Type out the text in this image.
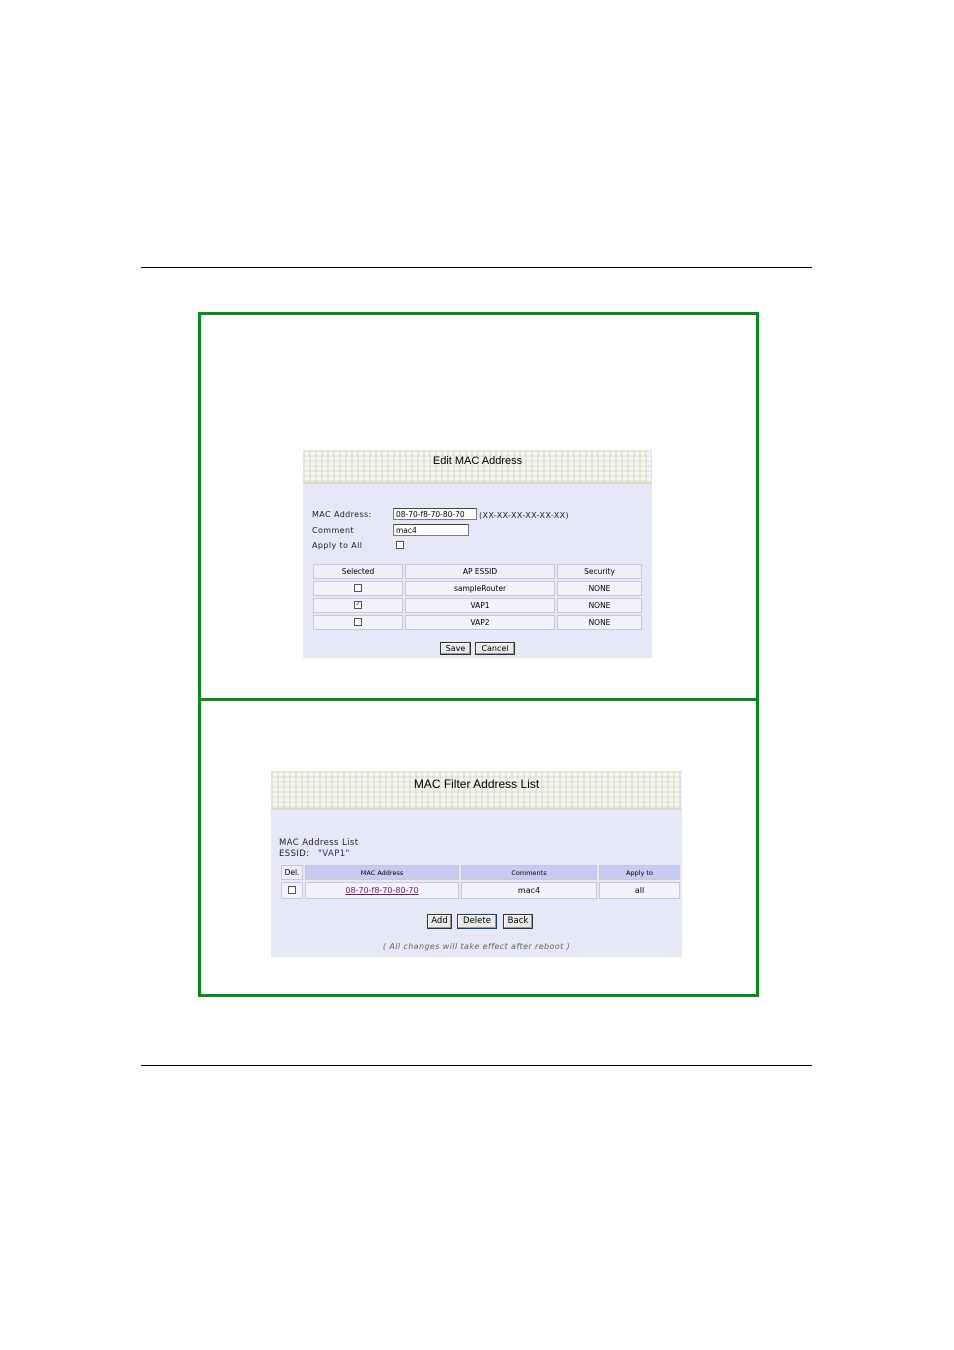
Edit MAC Address
MAC Address:	08-70-f8-70-80-70	(XX-XX-XX-XX-XX-XX)
Comment	mac4
Apply to All
Selected	AP ESSID	Security
	sampleRouter	NONE
✓	VAP1	NONE
	VAP2	NONE
Save	Cancel
MAC Filter Address List
MAC Address List
ESSID: "VAP1"
Del.	MAC Address	Comments	Apply to
	08-70-f8-70-80-70	mac4	all
Add	Delete	Back
( All changes will take effect after reboot )
